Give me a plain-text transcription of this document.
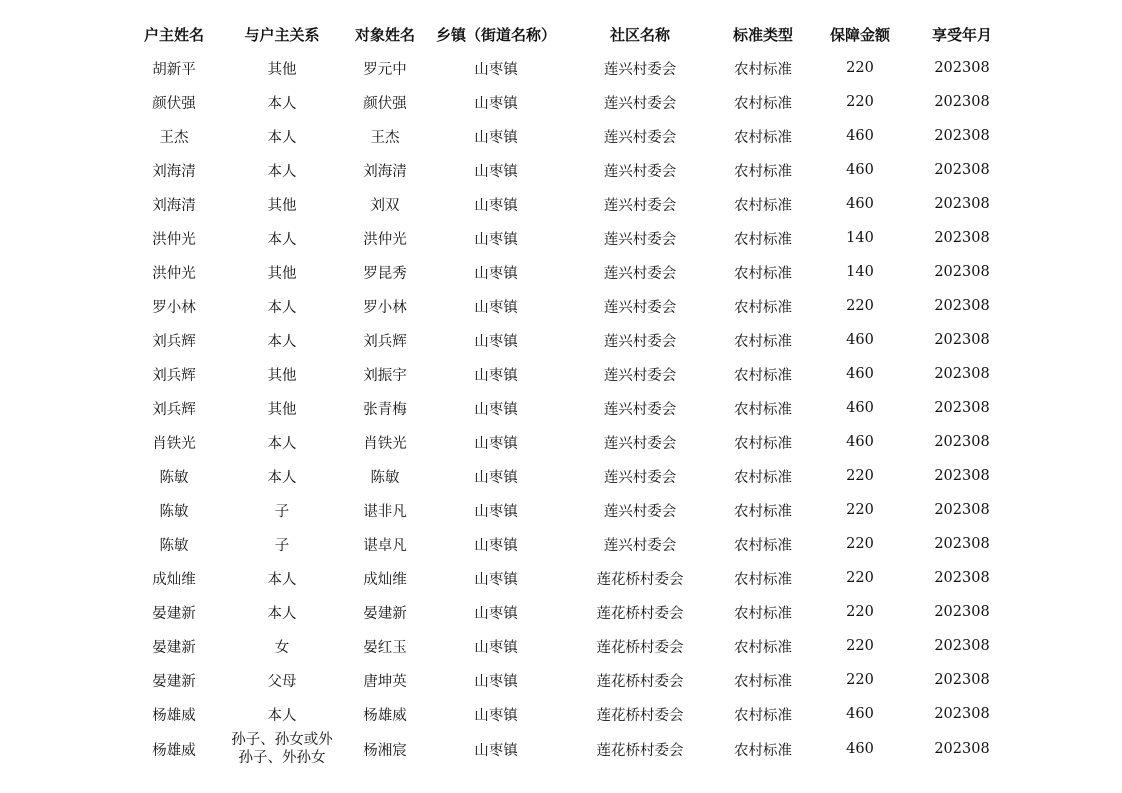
户主姓名	与户主关系	对象姓名	乡镇（街道名称）	社区名称	标准类型	保障金额	享受年月
胡新平	其他	罗元中	山枣镇	莲兴村委会	农村标准	220	202308
颜伏强	本人	颜伏强	山枣镇	莲兴村委会	农村标准	220	202308
王杰	本人	王杰	山枣镇	莲兴村委会	农村标准	460	202308
刘海清	本人	刘海清	山枣镇	莲兴村委会	农村标准	460	202308
刘海清	其他	刘双	山枣镇	莲兴村委会	农村标准	460	202308
洪仲光	本人	洪仲光	山枣镇	莲兴村委会	农村标准	140	202308
洪仲光	其他	罗昆秀	山枣镇	莲兴村委会	农村标准	140	202308
罗小林	本人	罗小林	山枣镇	莲兴村委会	农村标准	220	202308
刘兵辉	本人	刘兵辉	山枣镇	莲兴村委会	农村标准	460	202308
刘兵辉	其他	刘振宇	山枣镇	莲兴村委会	农村标准	460	202308
刘兵辉	其他	张青梅	山枣镇	莲兴村委会	农村标准	460	202308
肖铁光	本人	肖铁光	山枣镇	莲兴村委会	农村标准	460	202308
陈敏	本人	陈敏	山枣镇	莲兴村委会	农村标准	220	202308
陈敏	子	谌非凡	山枣镇	莲兴村委会	农村标准	220	202308
陈敏	子	谌卓凡	山枣镇	莲兴村委会	农村标准	220	202308
成灿维	本人	成灿维	山枣镇	莲花桥村委会	农村标准	220	202308
晏建新	本人	晏建新	山枣镇	莲花桥村委会	农村标准	220	202308
晏建新	女	晏红玉	山枣镇	莲花桥村委会	农村标准	220	202308
晏建新	父母	唐坤英	山枣镇	莲花桥村委会	农村标准	220	202308
杨雄威	本人	杨雄威	山枣镇	莲花桥村委会	农村标准	460	202308
杨雄威	孙子、孙女或外孙子、外孙女	杨湘宸	山枣镇	莲花桥村委会	农村标准	460	202308
